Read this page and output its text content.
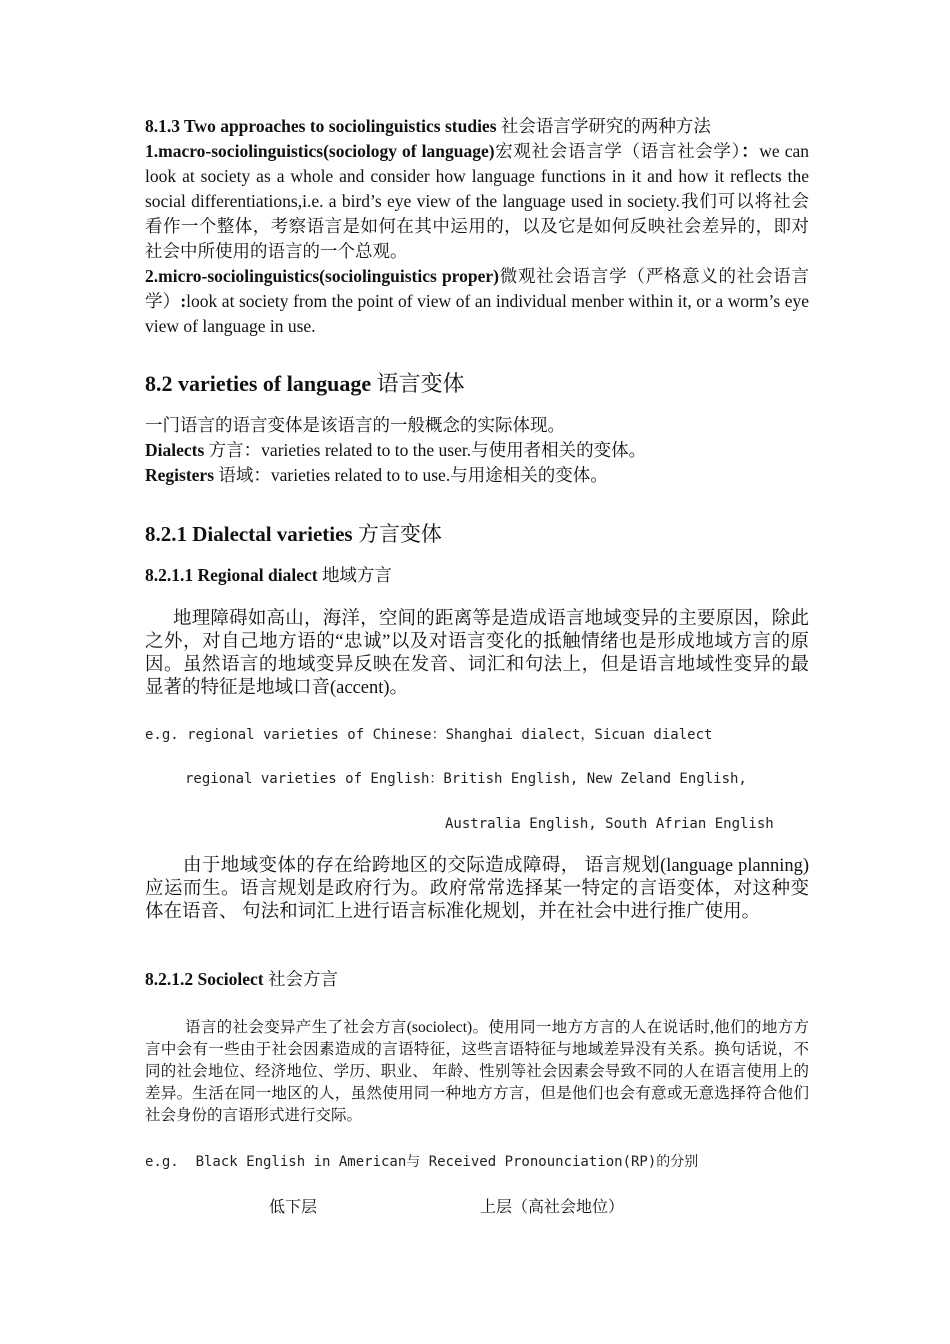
8.1.3 Two approaches to sociolinguistics studies 社会语言学研究的两种方法

1.macro-sociolinguistics(sociology of language)宏观社会语言学（语言社会学）：we can look at society as a whole and consider how language functions in it and how it reflects the social differentiations,i.e. a bird’s eye view of the language used in society.我们可以将社会看作一个整体，考察语言是如何在其中运用的，以及它是如何反映社会差异的，即对社会中所使用的语言的一个总观。

2.micro-sociolinguistics(sociolinguistics proper)微观社会语言学（严格意义的社会语言学）:look at society from the point of view of an individual menber within it, or a worm’s eye view of language in use.

8.2 varieties of language 语言变体

一门语言的语言变体是该语言的一般概念的实际体现。

Dialects 方言：varieties related to to the user.与使用者相关的变体。

Registers 语域：varieties related to to use.与用途相关的变体。

8.2.1 Dialectal varieties 方言变体

8.2.1.1 Regional dialect 地域方言

地理障碍如高山，海洋，空间的距离等是造成语言地域变异的主要原因，除此之外，对自己地方语的“忠诚”以及对语言变化的抵触情绪也是形成地域方言的原因。虽然语言的地域变异反映在发音、词汇和句法上，但是语言地域性变异的最显著的特征是地域口音(accent)。

e.g. regional varieties of Chinese：Shanghai dialect，Sicuan dialect

regional varieties of English：British English, New Zeland English,

Australia English, South Afrian English

由于地域变体的存在给跨地区的交际造成障碍， 语言规划(language planning)应运而生。语言规划是政府行为。政府常常选择某一特定的言语变体，对这种变体在语音、 句法和词汇上进行语言标准化规划，并在社会中进行推广使用。

8.2.1.2 Sociolect 社会方言

语言的社会变异产生了社会方言(sociolect)。使用同一地方方言的人在说话时,他们的地方方言中会有一些由于社会因素造成的言语特征，这些言语特征与地域差异没有关系。换句话说，不同的社会地位、经济地位、学历、职业、 年龄、性别等社会因素会导致不同的人在语言使用上的差异。生活在同一地区的人，虽然使用同一种地方方言，但是他们也会有意或无意选择符合他们社会身份的言语形式进行交际。

e.g.  Black English in American与 Received Pronounciation(RP)的分别

低下层	上层（高社会地位）
